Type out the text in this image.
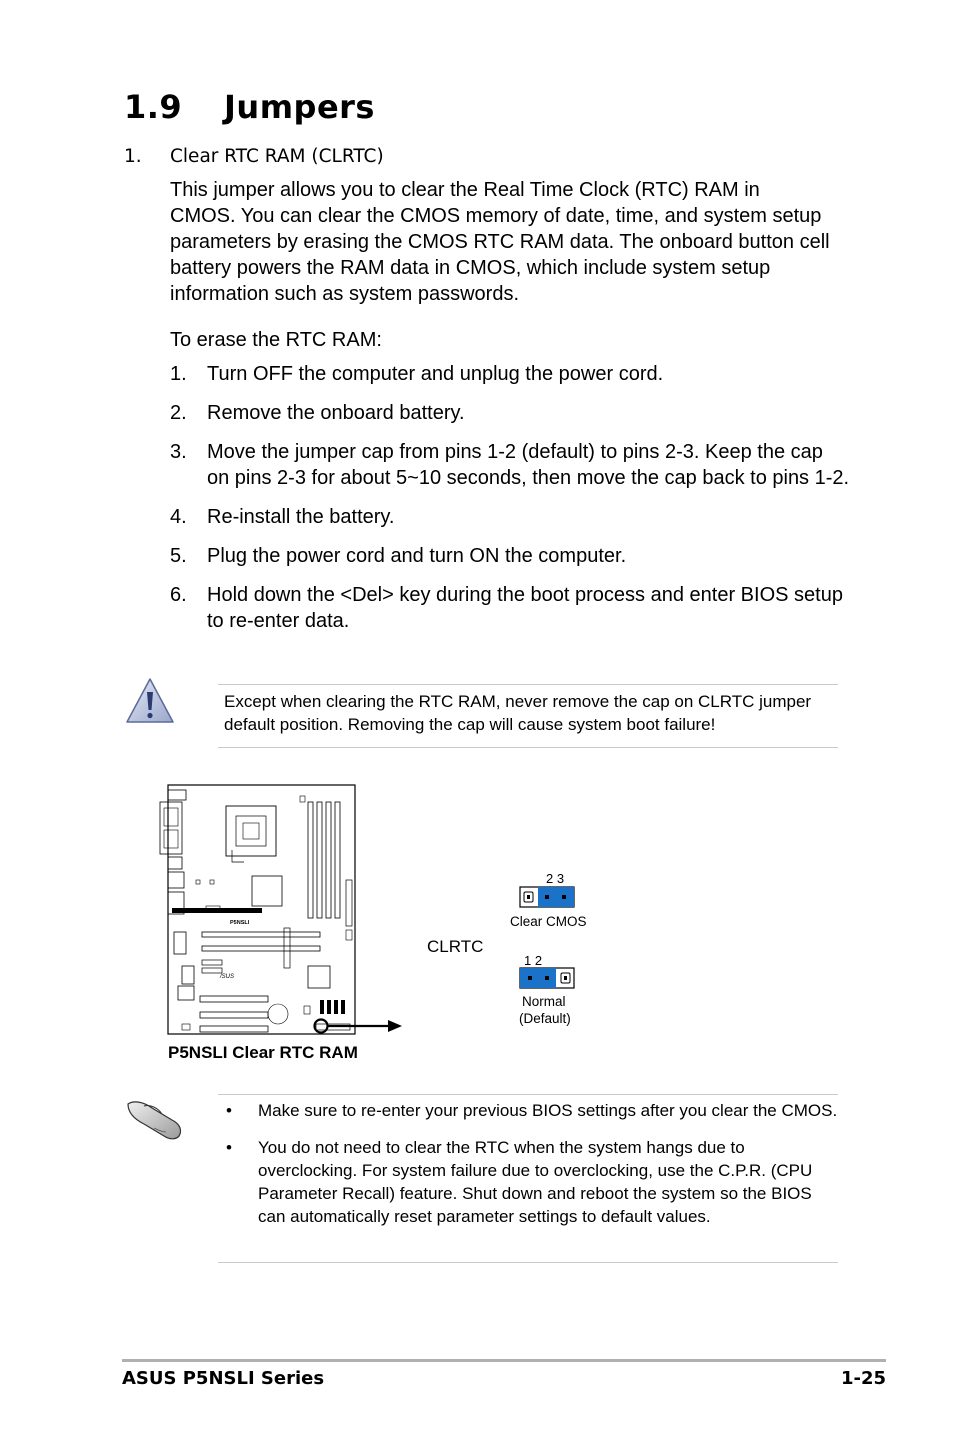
1.9 Jumpers
1. Clear RTC RAM (CLRTC)
This jumper allows you to clear the Real Time Clock (RTC) RAM in CMOS. You can clear the CMOS memory of date, time, and system setup parameters by erasing the CMOS RTC RAM data. The onboard button cell battery powers the RAM data in CMOS, which include system setup information such as system passwords.
To erase the RTC RAM:
1. Turn OFF the computer and unplug the power cord.
2. Remove the onboard battery.
3. Move the jumper cap from pins 1-2 (default) to pins 2-3. Keep the cap on pins 2-3 for about 5~10 seconds, then move the cap back to pins 1-2.
4. Re-install the battery.
5. Plug the power cord and turn ON the computer.
6. Hold down the <Del> key during the boot process and enter BIOS setup to re-enter data.
Except when clearing the RTC RAM, never remove the cap on CLRTC jumper default position. Removing the cap will cause system boot failure!
P5NSLI
/SUS
P5NSLI Clear RTC RAM
CLRTC
2 3
Clear CMOS
1 2
Normal
(Default)
• Make sure to re-enter your previous BIOS settings after you clear the CMOS.
• You do not need to clear the RTC when the system hangs due to overclocking. For system failure due to overclocking, use the C.P.R. (CPU Parameter Recall) feature. Shut down and reboot the system so the BIOS can automatically reset parameter settings to default values.
ASUS P5NSLI Series	1-25
